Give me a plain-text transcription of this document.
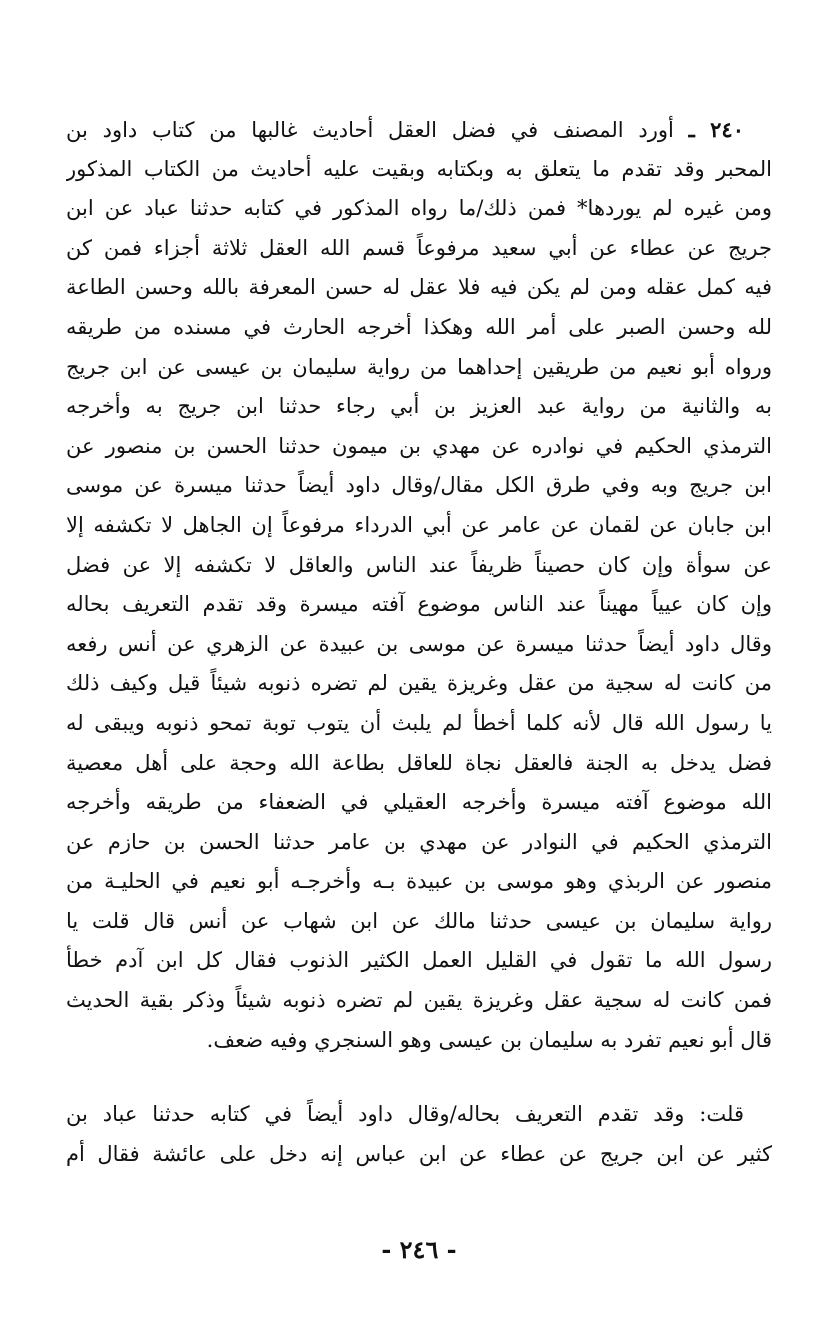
٢٤٠ ـ أورد المصنف في فضل العقل أحاديث غالبها من كتاب داود بن
المحبر وقد تقدم ما يتعلق به وبكتابه وبقيت عليه أحاديث من الكتاب المذكور
ومن غيره لم يوردها* فمن ذلك/ما رواه المذكور في كتابه حدثنا عباد عن ابن
جريج عن عطاء عن أبي سعيد مرفوعاً قسم الله العقل ثلاثة أجزاء فمن كن
فيه كمل عقله ومن لم يكن فيه فلا عقل له حسن المعرفة بالله وحسن الطاعة
لله وحسن الصبر على أمر الله وهكذا أخرجه الحارث في مسنده من طريقه
ورواه أبو نعيم من طريقين إحداهما من رواية سليمان بن عيسى عن ابن جريج
به والثانية من رواية عبد العزيز بن أبي رجاء حدثنا ابن جريج به وأخرجه
الترمذي الحكيم في نوادره عن مهدي بن ميمون حدثنا الحسن بن منصور عن
ابن جريج وبه وفي طرق الكل مقال/وقال داود أيضاً حدثنا ميسرة عن موسى
ابن جابان عن لقمان عن عامر عن أبي الدرداء مرفوعاً إن الجاهل لا تكشفه إلا
عن سوأة وإن كان حصيناً ظريفاً عند الناس والعاقل لا تكشفه إلا عن فضل
وإن كان عيياً مهيناً عند الناس موضوع آفته ميسرة وقد تقدم التعريف بحاله
وقال داود أيضاً حدثنا ميسرة عن موسى بن عبيدة عن الزهري عن أنس رفعه
من كانت له سجية من عقل وغريزة يقين لم تضره ذنوبه شيئاً قيل وكيف ذلك
يا رسول الله قال لأنه كلما أخطأ لم يلبث أن يتوب توبة تمحو ذنوبه ويبقى له
فضل يدخل به الجنة فالعقل نجاة للعاقل بطاعة الله وحجة على أهل معصية
الله موضوع آفته ميسرة وأخرجه العقيلي في الضعفاء من طريقه وأخرجه
الترمذي الحكيم في النوادر عن مهدي بن عامر حدثنا الحسن بن حازم عن
منصور عن الربذي وهو موسى بن عبيدة بـه وأخرجـه أبو نعيم في الحليـة من
رواية سليمان بن عيسى حدثنا مالك عن ابن شهاب عن أنس قال قلت يا
رسول الله ما تقول في القليل العمل الكثير الذنوب فقال كل ابن آدم خطأ
فمن كانت له سجية عقل وغريزة يقين لم تضره ذنوبه شيئاً وذكر بقية الحديث
قال أبو نعيم تفرد به سليمان بن عيسى وهو السنجري وفيه ضعف.
قلت: وقد تقدم التعريف بحاله/وقال داود أيضاً في كتابه حدثنا عباد بن
كثير عن ابن جريج عن عطاء عن ابن عباس إنه دخل على عائشة فقال أم
- ٢٤٦ -
